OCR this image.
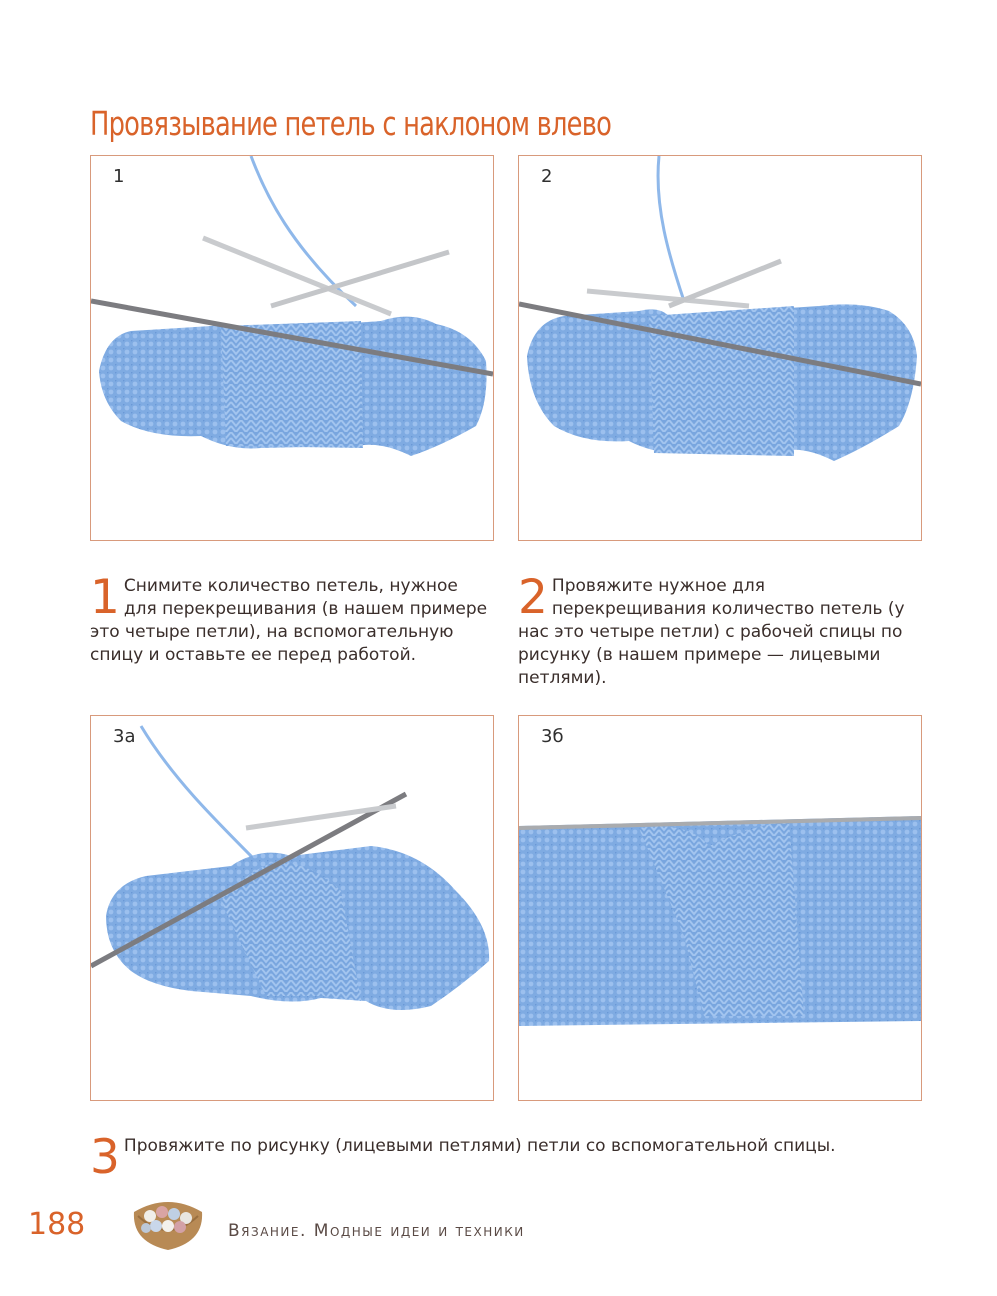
Провязывание петель с наклоном влево
1	2
1 Снимите количество петель, нужное для перекрещивания (в нашем примере это четыре петли), на вспомогательную спицу и оставьте ее перед работой.
2 Провяжите нужное для перекрещивания количество петель (у нас это четыре петли) с рабочей спицы по рисунку (в нашем примере — лицевыми петлями).
3а	3б
3 Провяжите по рисунку (лицевыми петлями) петли со вспомогательной спицы.
188	Вязание. Модные идеи и техники
